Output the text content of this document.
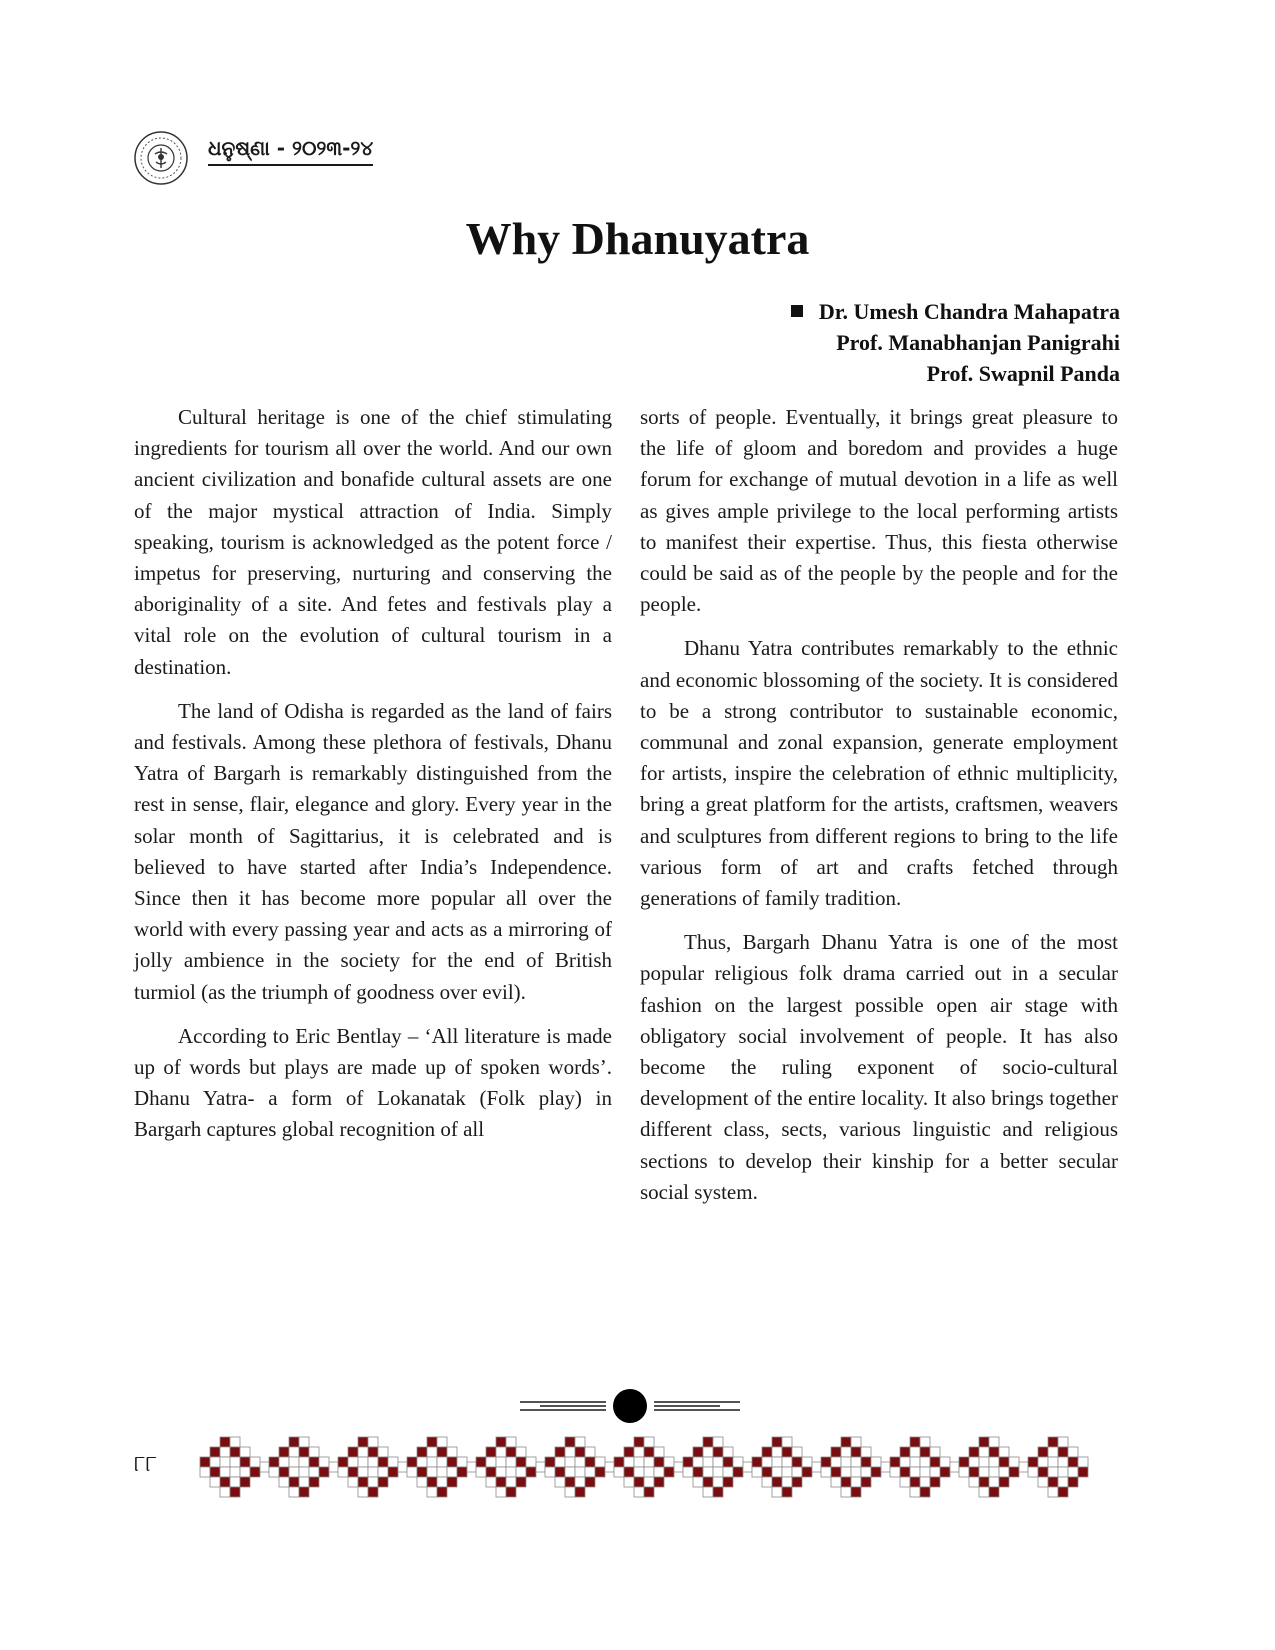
ଧନୁଷ୍ଣା - ୨୦୨୩-୨୪
Why Dhanuyatra
Dr. Umesh Chandra Mahapatra
Prof. Manabhanjan Panigrahi
Prof. Swapnil Panda

Cultural heritage is one of the chief stimulating ingredients for tourism all over the world. And our own ancient civilization and bonafide cultural assets are one of the major mystical attraction of India. Simply speaking, tourism is acknowledged as the potent force / impetus for preserving, nurturing and conserving the aboriginality of a site. And fetes and festivals play a vital role on the evolution of cultural tourism in a destination.

The land of Odisha is regarded as the land of fairs and festivals. Among these plethora of festivals, Dhanu Yatra of Bargarh is remarkably distinguished from the rest in sense, flair, elegance and glory. Every year in the solar month of Sagittarius, it is celebrated and is believed to have started after India’s Independence. Since then it has become more popular all over the world with every passing year and acts as a mirroring of jolly ambience in the society for the end of British turmiol (as the triumph of goodness over evil).

According to Eric Bentlay – ‘All literature is made up of words but plays are made up of spoken words’. Dhanu Yatra- a form of Lokanatak (Folk play) in Bargarh captures global recognition of all

sorts of people. Eventually, it brings great pleasure to the life of gloom and boredom and provides a huge forum for exchange of mutual devotion in a life as well as gives ample privilege to the local performing artists to manifest their expertise. Thus, this fiesta otherwise could be said as of the people by the people and for the people.

Dhanu Yatra contributes remarkably to the ethnic and economic blossoming of the society. It is considered to be a strong contributor to sustainable economic, communal and zonal expansion, generate employment for artists, inspire the celebration of ethnic multiplicity, bring a great platform for the artists, craftsmen, weavers and sculptures from different regions to bring to the life various form of art and crafts fetched through generations of family tradition.

Thus, Bargarh Dhanu Yatra is one of the most popular religious folk drama carried out in a secular fashion on the largest possible open air stage with obligatory social involvement of people. It has also become the ruling exponent of socio-cultural development of the entire locality. It also brings together different class, sects, various linguistic and religious sections to develop their kinship for a better secular social system.

୮୮
